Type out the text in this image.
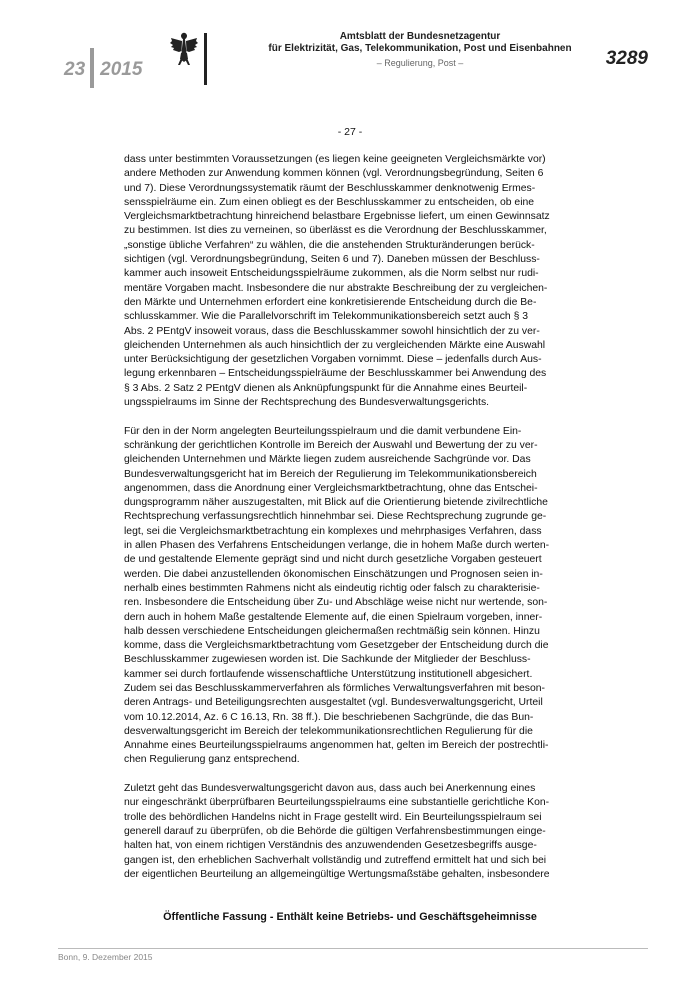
23 2015
Amtsblatt der Bundesnetzagentur
für Elektrizität, Gas, Telekommunikation, Post und Eisenbahnen
– Regulierung, Post –	3289
- 27 -

dass unter bestimmten Voraussetzungen (es liegen keine geeigneten Vergleichsmärkte vor)
andere Methoden zur Anwendung kommen können (vgl. Verordnungsbegründung, Seiten 6
und 7). Diese Verordnungssystematik räumt der Beschlusskammer denknotwenig Ermes-
sensspielräume ein. Zum einen obliegt es der Beschlusskammer zu entscheiden, ob eine
Vergleichsmarktbetrachtung hinreichend belastbare Ergebnisse liefert, um einen Gewinnsatz
zu bestimmen. Ist dies zu verneinen, so überlässt es die Verordnung der Beschlusskammer,
„sonstige übliche Verfahren“ zu wählen, die die anstehenden Strukturänderungen berück-
sichtigen (vgl. Verordnungsbegründung, Seiten 6 und 7). Daneben müssen der Beschluss-
kammer auch insoweit Entscheidungsspielräume zukommen, als die Norm selbst nur rudi-
mentäre Vorgaben macht. Insbesondere die nur abstrakte Beschreibung der zu vergleichen-
den Märkte und Unternehmen erfordert eine konkretisierende Entscheidung durch die Be-
schlusskammer. Wie die Parallelvorschrift im Telekommunikationsbereich setzt auch § 3
Abs. 2 PEntgV insoweit voraus, dass die Beschlusskammer sowohl hinsichtlich der zu ver-
gleichenden Unternehmen als auch hinsichtlich der zu vergleichenden Märkte eine Auswahl
unter Berücksichtigung der gesetzlichen Vorgaben vornimmt. Diese – jedenfalls durch Aus-
legung erkennbaren – Entscheidungsspielräume der Beschlusskammer bei Anwendung des
§ 3 Abs. 2 Satz 2 PEntgV dienen als Anknüpfungspunkt für die Annahme eines Beurteil-
ungsspielraums im Sinne der Rechtsprechung des Bundesverwaltungsgerichts.

Für den in der Norm angelegten Beurteilungsspielraum und die damit verbundene Ein-
schränkung der gerichtlichen Kontrolle im Bereich der Auswahl und Bewertung der zu ver-
gleichenden Unternehmen und Märkte liegen zudem ausreichende Sachgründe vor. Das
Bundesverwaltungsgericht hat im Bereich der Regulierung im Telekommunikationsbereich
angenommen, dass die Anordnung einer Vergleichsmarktbetrachtung, ohne das Entschei-
dungsprogramm näher auszugestalten, mit Blick auf die Orientierung bietende zivilrechtliche
Rechtsprechung verfassungsrechtlich hinnehmbar sei. Diese Rechtsprechung zugrunde ge-
legt, sei die Vergleichsmarktbetrachtung ein komplexes und mehrphasiges Verfahren, dass
in allen Phasen des Verfahrens Entscheidungen verlange, die in hohem Maße durch werten-
de und gestaltende Elemente geprägt sind und nicht durch gesetzliche Vorgaben gesteuert
werden. Die dabei anzustellenden ökonomischen Einschätzungen und Prognosen seien in-
nerhalb eines bestimmten Rahmens nicht als eindeutig richtig oder falsch zu charakterisie-
ren. Insbesondere die Entscheidung über Zu- und Abschläge weise nicht nur wertende, son-
dern auch in hohem Maße gestaltende Elemente auf, die einen Spielraum vorgeben, inner-
halb dessen verschiedene Entscheidungen gleichermaßen rechtmäßig sein können. Hinzu
komme, dass die Vergleichsmarktbetrachtung vom Gesetzgeber der Entscheidung durch die
Beschlusskammer zugewiesen worden ist. Die Sachkunde der Mitglieder der Beschluss-
kammer sei durch fortlaufende wissenschaftliche Unterstützung institutionell abgesichert.
Zudem sei das Beschlusskammerverfahren als förmliches Verwaltungsverfahren mit beson-
deren Antrags- und Beteiligungsrechten ausgestaltet (vgl. Bundesverwaltungsgericht, Urteil
vom 10.12.2014, Az. 6 C 16.13, Rn. 38 ff.). Die beschriebenen Sachgründe, die das Bun-
desverwaltungsgericht im Bereich der telekommunikationsrechtlichen Regulierung für die
Annahme eines Beurteilungsspielraums angenommen hat, gelten im Bereich der postrechtli-
chen Regulierung ganz entsprechend.

Zuletzt geht das Bundesverwaltungsgericht davon aus, dass auch bei Anerkennung eines
nur eingeschränkt überprüfbaren Beurteilungsspielraums eine substantielle gerichtliche Kon-
trolle des behördlichen Handelns nicht in Frage gestellt wird. Ein Beurteilungsspielraum sei
generell darauf zu überprüfen, ob die Behörde die gültigen Verfahrensbestimmungen einge-
halten hat, von einem richtigen Verständnis des anzuwendenden Gesetzesbegriffs ausge-
gangen ist, den erheblichen Sachverhalt vollständig und zutreffend ermittelt hat und sich bei
der eigentlichen Beurteilung an allgemeingültige Wertungsmaßstäbe gehalten, insbesondere

Öffentliche Fassung - Enthält keine Betriebs- und Geschäftsgeheimnisse
Bonn, 9. Dezember 2015
